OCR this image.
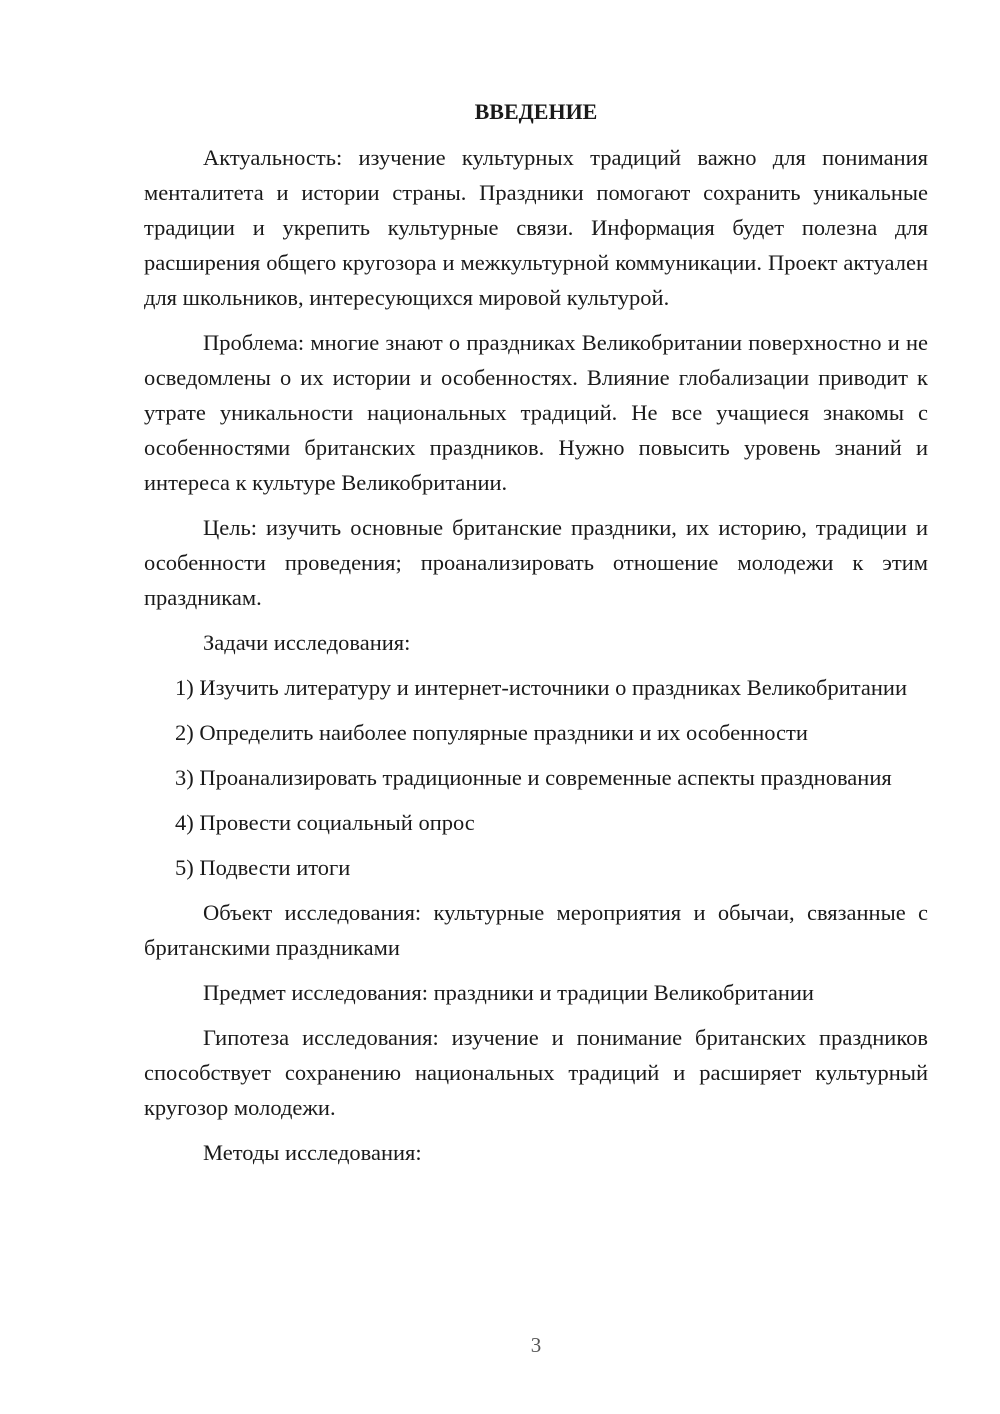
ВВЕДЕНИЕ

Актуальность: изучение культурных традиций важно для понимания менталитета и истории страны. Праздники помогают сохранить уникальные традиции и укрепить культурные связи. Информация будет полезна для расширения общего кругозора и межкультурной коммуникации. Проект актуален для школьников, интересующихся мировой культурой.

Проблема: многие знают о праздниках Великобритании поверхностно и не осведомлены о их истории и особенностях. Влияние глобализации приводит к утрате уникальности национальных традиций. Не все учащиеся знакомы с особенностями британских праздников. Нужно повысить уровень знаний и интереса к культуре Великобритании.

Цель: изучить основные британские праздники, их историю, традиции и особенности проведения; проанализировать отношение молодежи к этим праздникам.

Задачи исследования:

1) Изучить литературу и интернет-источники о праздниках Великобритании

2) Определить наиболее популярные праздники и их особенности

3) Проанализировать традиционные и современные аспекты празднования

4) Провести социальный опрос

5) Подвести итоги

Объект исследования: культурные мероприятия и обычаи, связанные с британскими праздниками

Предмет исследования: праздники и традиции Великобритании

Гипотеза исследования: изучение и понимание британских праздников способствует сохранению национальных традиций и расширяет культурный кругозор молодежи.

Методы исследования:

3
